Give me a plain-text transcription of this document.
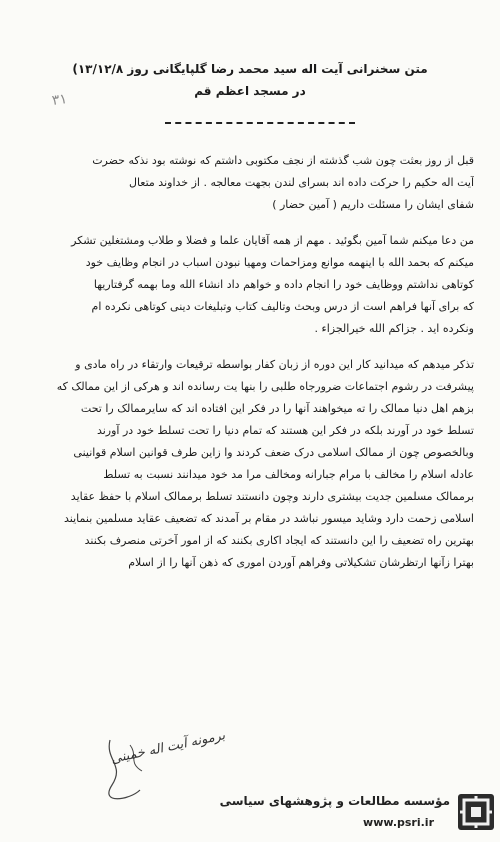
متن سخنرانی آیت اله سید محمد رضا گلپایگانی روز ۱۳/۱۲/۸)
در مسجد اعظم قم
۳۱
قبل از روز بعثت چون شب گذشته از نجف مکتوبی داشتم که نوشته بود نذکه حضرت
آیت اله حکیم را حرکت داده اند بسرای لندن بجهت معالجه . از خداوند متعال
شفای ایشان را مسئلت داریم ( آمین حضار )
من دعا میکنم شما آمین بگوئید . مهم از همه آقایان علما و فضلا و طلاب ومشتغلین تشکر
میکنم که بحمد الله با اینهمه موانع ومزاحمات ومهیا نبودن اسباب در انجام وظایف خود
کوتاهی نداشتم ووظایف خود را انجام داده و خواهم داد انشاء الله وما بهمه گرفتاریها
که برای آنها فراهم است از درس وبحث وتالیف کتاب وتبلیغات دینی کوتاهی نکرده ام
ونکرده اید . جزاکم الله خیرالجزاء .
تذکر میدهم که میدانید کار این دوره از زبان کفار بواسطه ترقیعات وارتقاء در راه مادی و
پیشرفت در رشوم اجتماعات ضرورجاه طلبی را بنها یت رسانده اند و هرکی از این ممالک که
بزهم اهل دنیا ممالک را ته میخواهند آنها را در فکر این افتاده اند که سایرممالک را تحت
تسلط خود در آورند بلکه در فکر این هستند که تمام دنیا را تحت تسلط خود در آورند
وبالخصوص چون از ممالک اسلامی درک ضعف کردند وا زاین طرف قوانین اسلام قوانینی
عادله اسلام را مخالف با مرام جبارانه ومخالف مرا مد خود میدانند نسبت به تسلط
برممالک مسلمین جدیت بیشتری دارند وچون دانستند تسلط برممالک اسلام با حفظ عقاید
اسلامی زحمت دارد وشاید میسور نباشد در مقام بر آمدند که تضعیف عقاید مسلمین بنمایند
بهترین راه تضعیف را این دانستند که ایجاد اکاری بکنند که از امور آخرتی منصرف بکنند
بهترا زآنها ارتظرشان تشکیلاتی وفراهم آوردن اموری که ذهن آنها را از اسلام
برمونه آیت اله خمینی
مؤسسه مطالعات و پژوهشهای سیاسی
www.psri.ir
